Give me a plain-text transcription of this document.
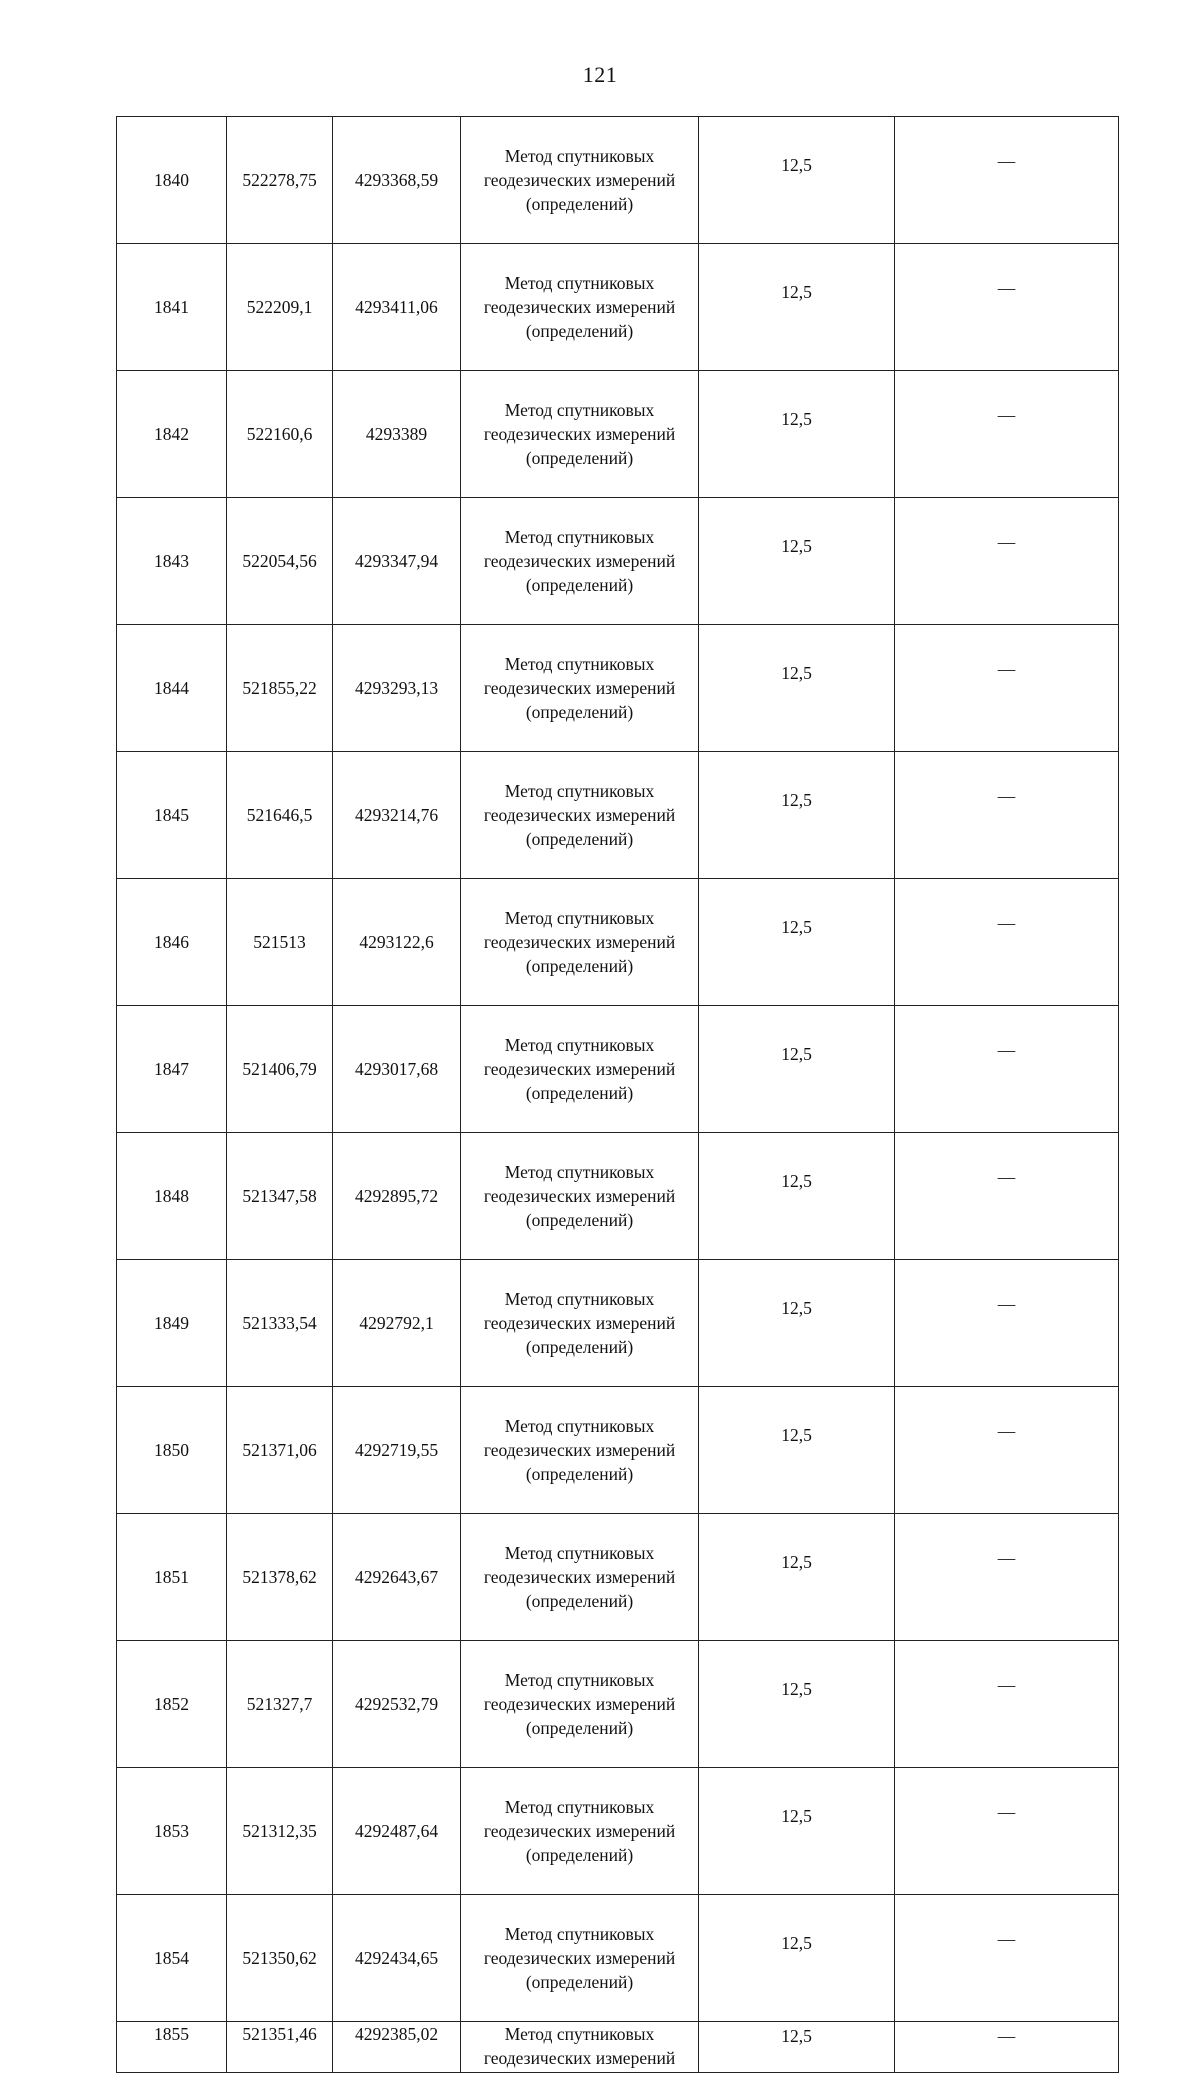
121
1840	522278,75	4293368,59	Метод спутниковых
геодезических измерений
(определений)	12,5	—
1841	522209,1	4293411,06	Метод спутниковых
геодезических измерений
(определений)	12,5	—
1842	522160,6	4293389	Метод спутниковых
геодезических измерений
(определений)	12,5	—
1843	522054,56	4293347,94	Метод спутниковых
геодезических измерений
(определений)	12,5	—
1844	521855,22	4293293,13	Метод спутниковых
геодезических измерений
(определений)	12,5	—
1845	521646,5	4293214,76	Метод спутниковых
геодезических измерений
(определений)	12,5	—
1846	521513	4293122,6	Метод спутниковых
геодезических измерений
(определений)	12,5	—
1847	521406,79	4293017,68	Метод спутниковых
геодезических измерений
(определений)	12,5	—
1848	521347,58	4292895,72	Метод спутниковых
геодезических измерений
(определений)	12,5	—
1849	521333,54	4292792,1	Метод спутниковых
геодезических измерений
(определений)	12,5	—
1850	521371,06	4292719,55	Метод спутниковых
геодезических измерений
(определений)	12,5	—
1851	521378,62	4292643,67	Метод спутниковых
геодезических измерений
(определений)	12,5	—
1852	521327,7	4292532,79	Метод спутниковых
геодезических измерений
(определений)	12,5	—
1853	521312,35	4292487,64	Метод спутниковых
геодезических измерений
(определений)	12,5	—
1854	521350,62	4292434,65	Метод спутниковых
геодезических измерений
(определений)	12,5	—
1855	521351,46	4292385,02	Метод спутниковых
геодезических измерений	12,5	—
